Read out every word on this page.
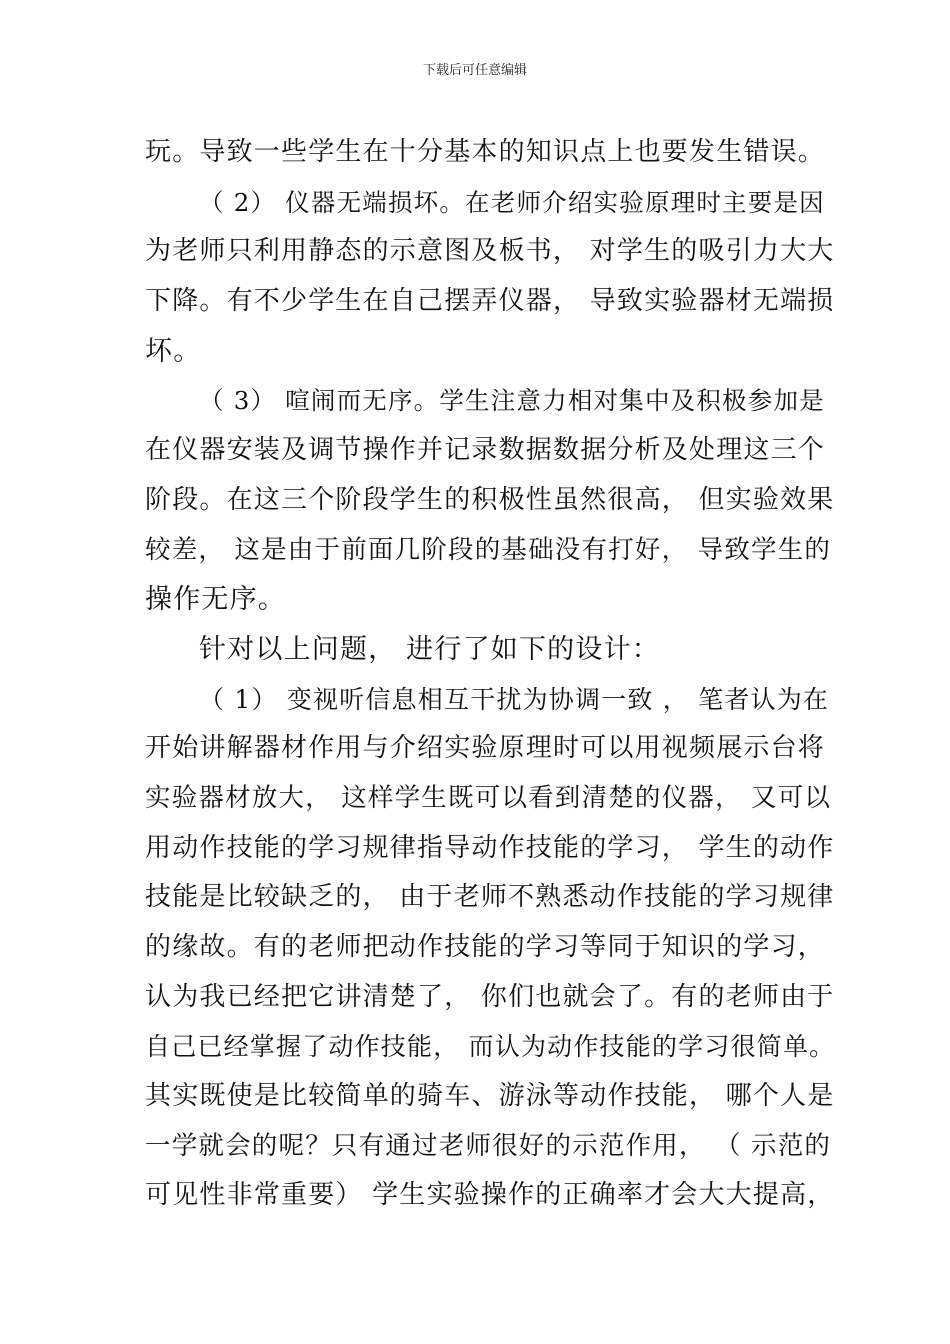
下载后可任意编辑
玩。导致一些学生在十分基本的知识点上也要发生错误。
（ 2） 仪器无端损坏。在老师介绍实验原理时主要是因
为老师只利用静态的示意图及板书， 对学生的吸引力大大
下降。有不少学生在自己摆弄仪器， 导致实验器材无端损
坏。
（ 3） 喧闹而无序。学生注意力相对集中及积极参加是
在仪器安装及调节操作并记录数据数据分析及处理这三个
阶段。在这三个阶段学生的积极性虽然很高， 但实验效果
较差， 这是由于前面几阶段的基础没有打好， 导致学生的
操作无序。
针对以上问题， 进行了如下的设计：
（ 1） 变视听信息相互干扰为协调一致 ， 笔者认为在
开始讲解器材作用与介绍实验原理时可以用视频展示台将
实验器材放大， 这样学生既可以看到清楚的仪器， 又可以
用动作技能的学习规律指导动作技能的学习， 学生的动作
技能是比较缺乏的， 由于老师不熟悉动作技能的学习规律
的缘故。有的老师把动作技能的学习等同于知识的学习，
认为我已经把它讲清楚了， 你们也就会了。有的老师由于
自己已经掌握了动作技能， 而认为动作技能的学习很简单。
其实既使是比较简单的骑车、游泳等动作技能， 哪个人是
一学就会的呢？只有通过老师很好的示范作用， （ 示范的
可见性非常重要） 学生实验操作的正确率才会大大提高，
